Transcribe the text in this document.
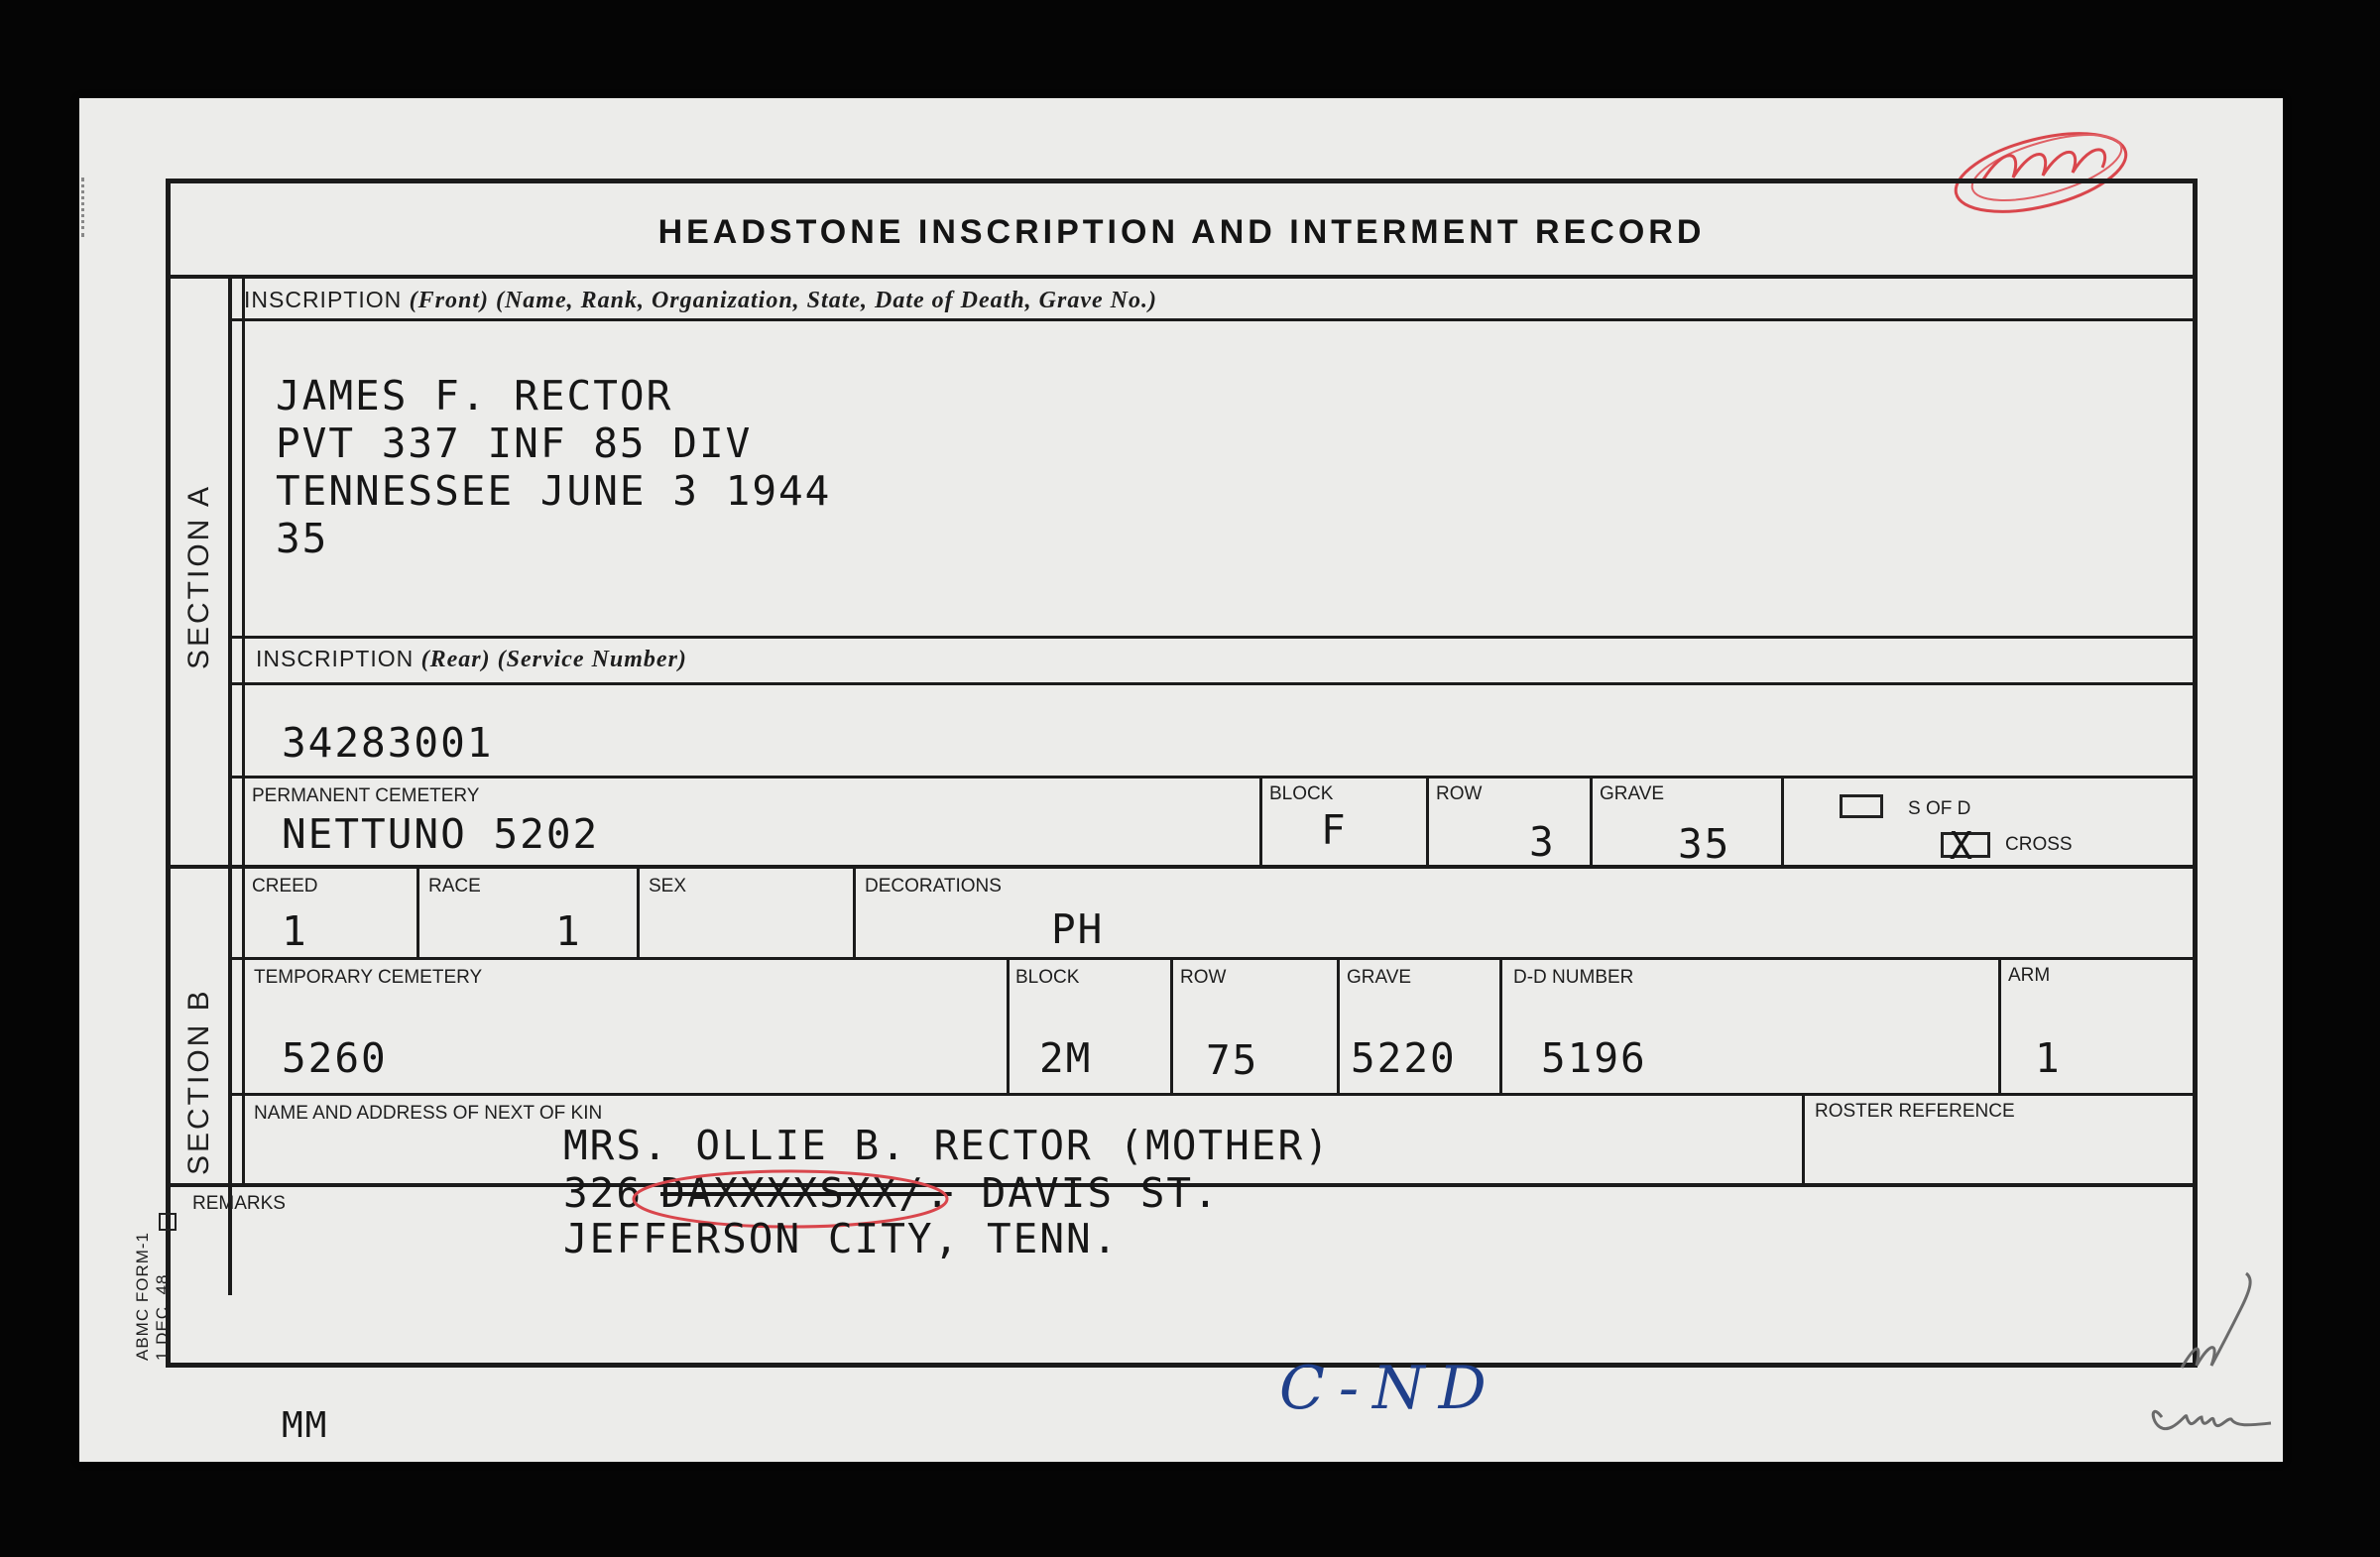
HEADSTONE INSCRIPTION AND INTERMENT RECORD
SECTION A
SECTION B
INSCRIPTION (Front) (Name, Rank, Organization, State, Date of Death, Grave No.)
JAMES F. RECTOR
PVT 337 INF 85 DIV
TENNESSEE JUNE 3 1944
35
INSCRIPTION (Rear) (Service Number)
34283001
PERMANENT CEMETERY
NETTUNO 5202
BLOCK
F
ROW
3
GRAVE
35
S OF D
X CROSS
CREED
1
RACE
1
SEX	DECORATIONS
PH
TEMPORARY CEMETERY
5260
BLOCK
2M
ROW
75
GRAVE
5220
D-D NUMBER
5196
ARM
1
NAME AND ADDRESS OF NEXT OF KIN
MRS. OLLIE B. RECTOR (MOTHER)
326 DAXXXXSXX/. DAVIS ST.
JEFFERSON CITY, TENN.
ROSTER REFERENCE
REMARKS
ABMC FORM-1 1 DEC. 48
MM
C-ND
